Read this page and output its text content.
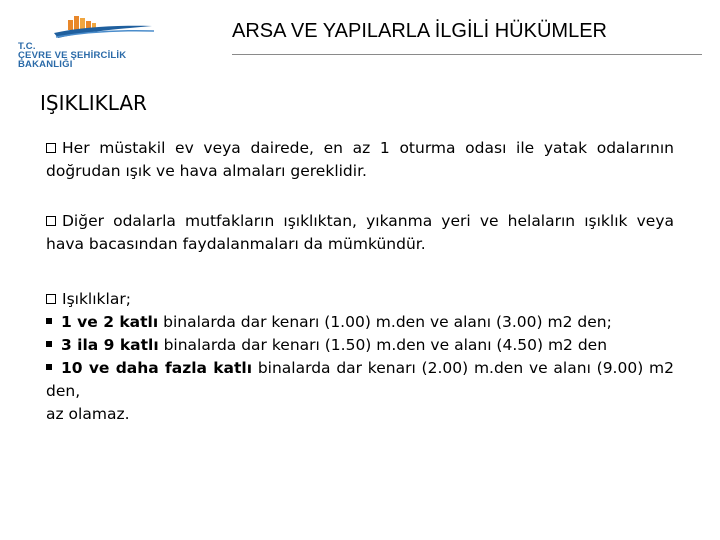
T.C.
ÇEVRE VE ŞEHİRCİLİK
BAKANLIĞI
ARSA VE YAPILARLA İLGİLİ HÜKÜMLER
IŞIKLIKLAR
Her müstakil ev veya dairede, en az 1 oturma odası ile yatak odalarının doğrudan ışık ve hava almaları gereklidir.
Diğer odalarla mutfakların ışıklıktan, yıkanma yeri ve helaların ışıklık veya hava bacasından faydalanmaları da mümkündür.
Işıklıklar;
1 ve 2 katlı binalarda dar kenarı (1.00) m.den ve alanı (3.00) m2 den;
3 ila 9 katlı binalarda dar kenarı (1.50) m.den ve alanı (4.50) m2 den
10 ve daha fazla katlı binalarda dar kenarı (2.00) m.den ve alanı (9.00) m2 den,
az olamaz.
